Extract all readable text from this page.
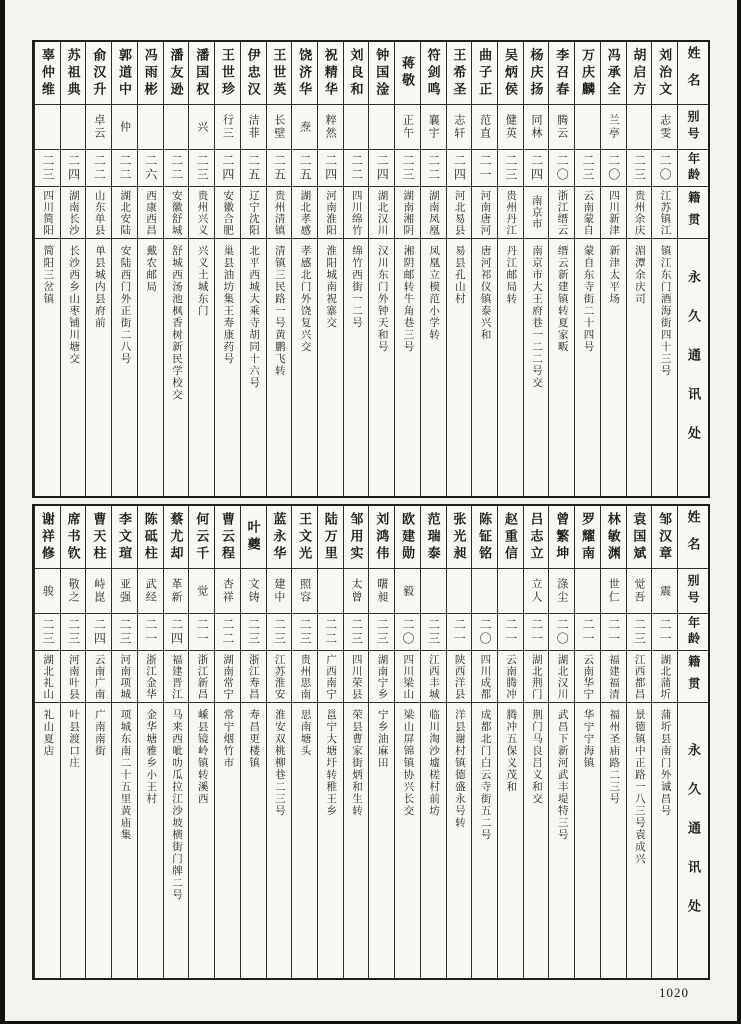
姓名
别号
年龄
籍贯
永久通讯处
刘治文
志雯
二〇
江苏镇江
镇江东门酒海街四十三号
胡启方
二三
贵州余庆
湄潭余庆司
冯承全
兰亭
二〇
四川新津
新津太平场
万庆麟
二三
云南蒙自
蒙自东寺街二十四号
李召春
腾云
二〇
浙江缙云
缙云新建镇转夏家畈
杨庆扬
同林
二四
南京市
南京市大王府巷一二二号交
吴炳侯
健英
二三
贵州丹江
丹江邮局转
曲子正
范直
二一
河南唐河
唐河祁仪镇泰兴和
王希圣
志轩
二四
河北易县
易县孔山村
符剑鸣
襄宇
二二
湖南凤凰
凤凰立模范小学转
蒋敬
正午
二三
湖南湘阴
湘阴邮转牛角巷三号
钟国淦
二四
湖北汉川
汉川东门外钟天和号
刘良和
二二
四川绵竹
绵竹西街一二号
祝精华
粹然
二四
河南淮阳
淮阳城南祝寨交
饶济华
焘
二五
湖北孝感
孝感北门外饶复兴交
王世英
长壁
二五
贵州清镇
清镇三民路一号黄鹏飞转
伊忠汉
洁菲
二五
辽宁沈阳
北平西城大乘寺胡同十六号
王世珍
行三
二四
安徽合肥
巢县油坊集王寿康药号
潘国权
兴
二三
贵州兴义
兴义土城东门
潘友逊
二二
安徽舒城
舒城西汤池枫香树新民学校交
冯雨彬
二六
西康西昌
戴农邮局
郭道中
仲
二二
湖北安陆
安陆西门外正街二八号
俞汉升
卓云
二二
山东单县
单县城内县府前
苏祖典
二四
湖南长沙
长沙西乡山枣铺川塘交
辜仲维
二三
四川简阳
简阳三岔镇
姓名
别号
年龄
籍贯
永久通讯处
邹汉章
震
二一
湖北蒲圻
蒲圻县南门外诚昌号
袁国斌
觉吾
二三
江西都昌
景德镇中正路一八三号袁成兴
林敏渊
世仁
二一
福建福清
福州圣庙路二三号
罗耀南
二一
云南华宁
华宁宁海镇
曾繁坤
涤尘
二〇
湖北汉川
武昌下新河武丰堤特三号
吕志立
立人
二一
湖北荆门
荆门马良吕义和交
赵重信
二一
云南腾冲
腾冲五保义茂和
陈钲铭
二〇
四川成都
成都北门白云寺街五二号
张光昶
二一
陕西洋县
洋县谢村镇德盛永号转
范瑞泰
二三
江西丰城
临川淘沙墟槎村前坊
欧建勋
毅
二〇
四川梁山
梁山屏锦镇协兴长交
刘鸿伟
曙昶
二三
湖南宁乡
宁乡油麻田
邹用实
太曾
二三
四川荣县
荣县曹家街炳和生转
陆万里
二二
广西南宁
邕宁大塘圩转稚王乡
王文光
照容
二三
贵州思南
思南塘头
蓝永华
建中
二三
江苏淮安
淮安双桃柳巷二三号
叶夔
文铸
二三
浙江寿昌
寿昌更楼镇
曹云程
杏祥
二二
湖南常宁
常宁烟竹市
何云千
觉
二一
浙江新昌
嵊县镜岭镇转溪西
蔡尤却
革新
二四
福建晋江
马来西呲叻瓜拉江沙坡横街门牌二号
陈砥柱
武经
二一
浙江金华
金华塘雅乡小王村
李文瑄
亚强
二三
河南项城
项城东南二十五里黄庙集
曹天柱
峙崑
二四
云南广南
广南南街
席书钦
敬之
二三
河南叶县
叶县渡口庄
谢祥修
骏
二三
湖北礼山
礼山夏店
1020
